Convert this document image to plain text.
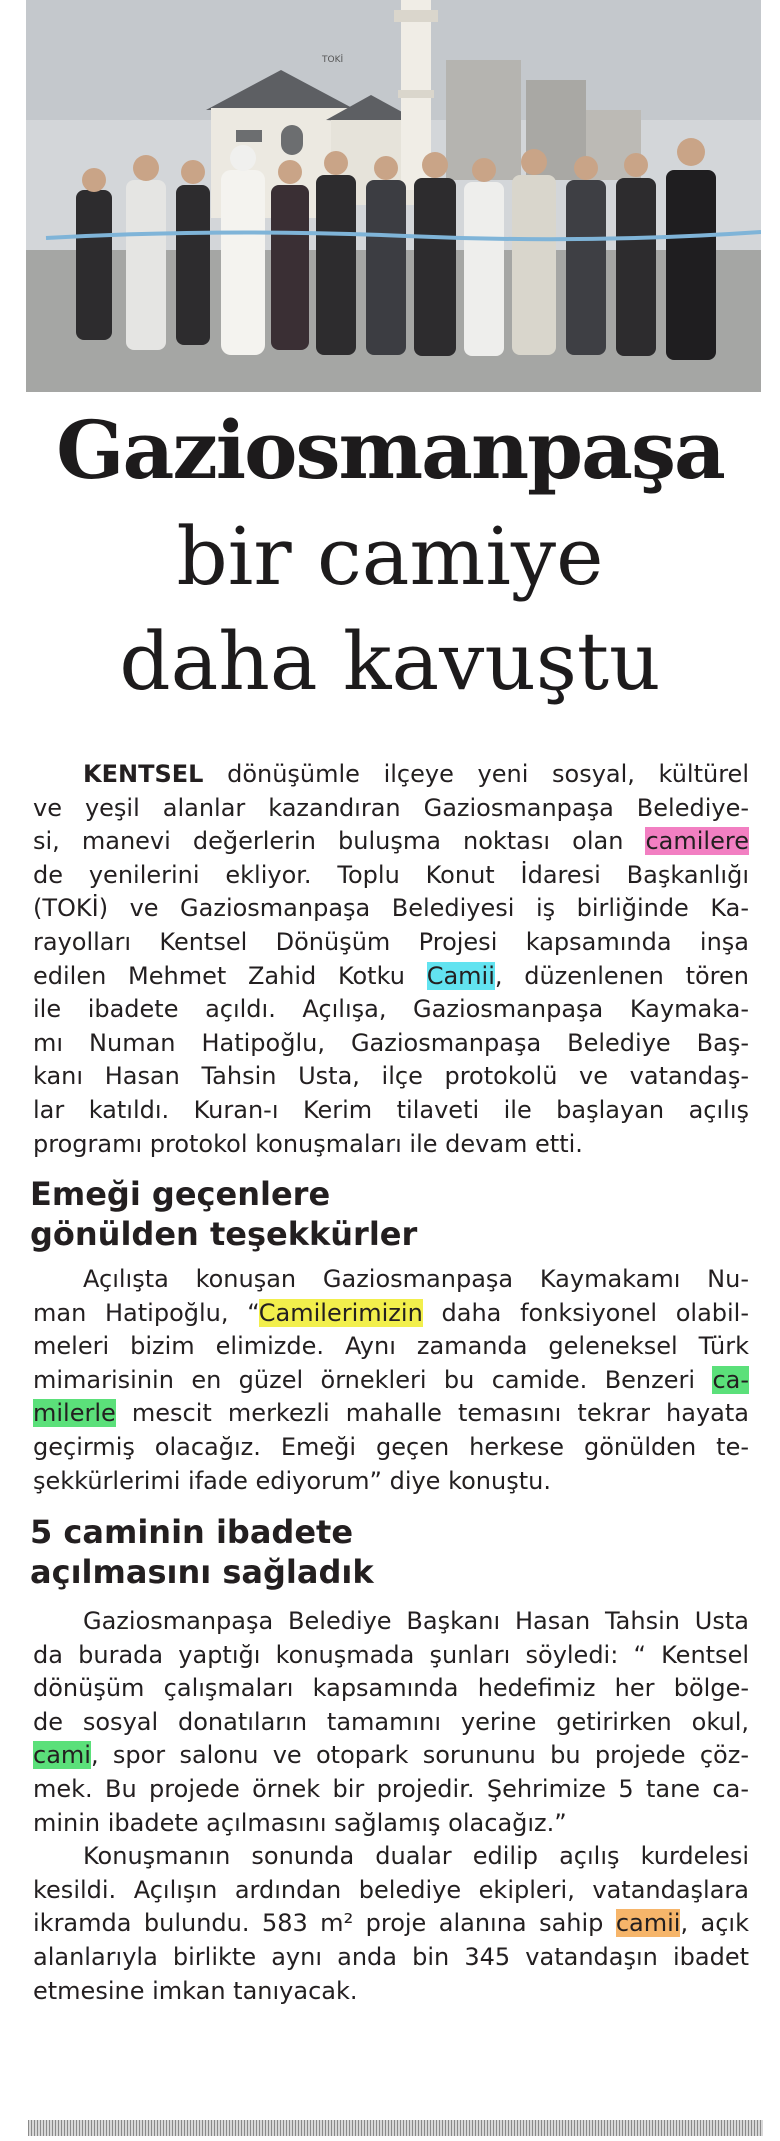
TOKİ
Gaziosmanpaşa
bir camiye
daha kavuştu
KENTSEL dönüşümle ilçeye yeni sosyal, kültürel
ve yeşil alanlar kazandıran Gaziosmanpaşa Belediye-
si, manevi değerlerin buluşma noktası olan camilere
de yenilerini ekliyor. Toplu Konut İdaresi Başkanlığı
(TOKİ) ve Gaziosmanpaşa Belediyesi iş birliğinde Ka-
rayolları Kentsel Dönüşüm Projesi kapsamında inşa
edilen Mehmet Zahid Kotku Camii, düzenlenen tören
ile ibadete açıldı. Açılışa, Gaziosmanpaşa Kaymaka-
mı Numan Hatipoğlu, Gaziosmanpaşa Belediye Baş-
kanı Hasan Tahsin Usta, ilçe protokolü ve vatandaş-
lar katıldı. Kuran-ı Kerim tilaveti ile başlayan açılış
programı protokol konuşmaları ile devam etti.
Emeği geçenlere
gönülden teşekkürler
Açılışta konuşan Gaziosmanpaşa Kaymakamı Nu-
man Hatipoğlu, “Camilerimizin daha fonksiyonel olabil-
meleri bizim elimizde. Aynı zamanda geleneksel Türk
mimarisinin en güzel örnekleri bu camide. Benzeri ca-
milerle mescit merkezli mahalle temasını tekrar hayata
geçirmiş olacağız. Emeği geçen herkese gönülden te-
şekkürlerimi ifade ediyorum” diye konuştu.
5 caminin ibadete
açılmasını sağladık
Gaziosmanpaşa Belediye Başkanı Hasan Tahsin Usta
da burada yaptığı konuşmada şunları söyledi: “ Kentsel
dönüşüm çalışmaları kapsamında hedefimiz her bölge-
de sosyal donatıların tamamını yerine getirirken okul,
cami, spor salonu ve otopark sorununu bu projede çöz-
mek. Bu projede örnek bir projedir. Şehrimize 5 tane ca-
minin ibadete açılmasını sağlamış olacağız.”
Konuşmanın sonunda dualar edilip açılış kurdelesi
kesildi. Açılışın ardından belediye ekipleri, vatandaşlara
ikramda bulundu. 583 m² proje alanına sahip camii, açık
alanlarıyla birlikte aynı anda bin 345 vatandaşın ibadet
etmesine imkan tanıyacak.
